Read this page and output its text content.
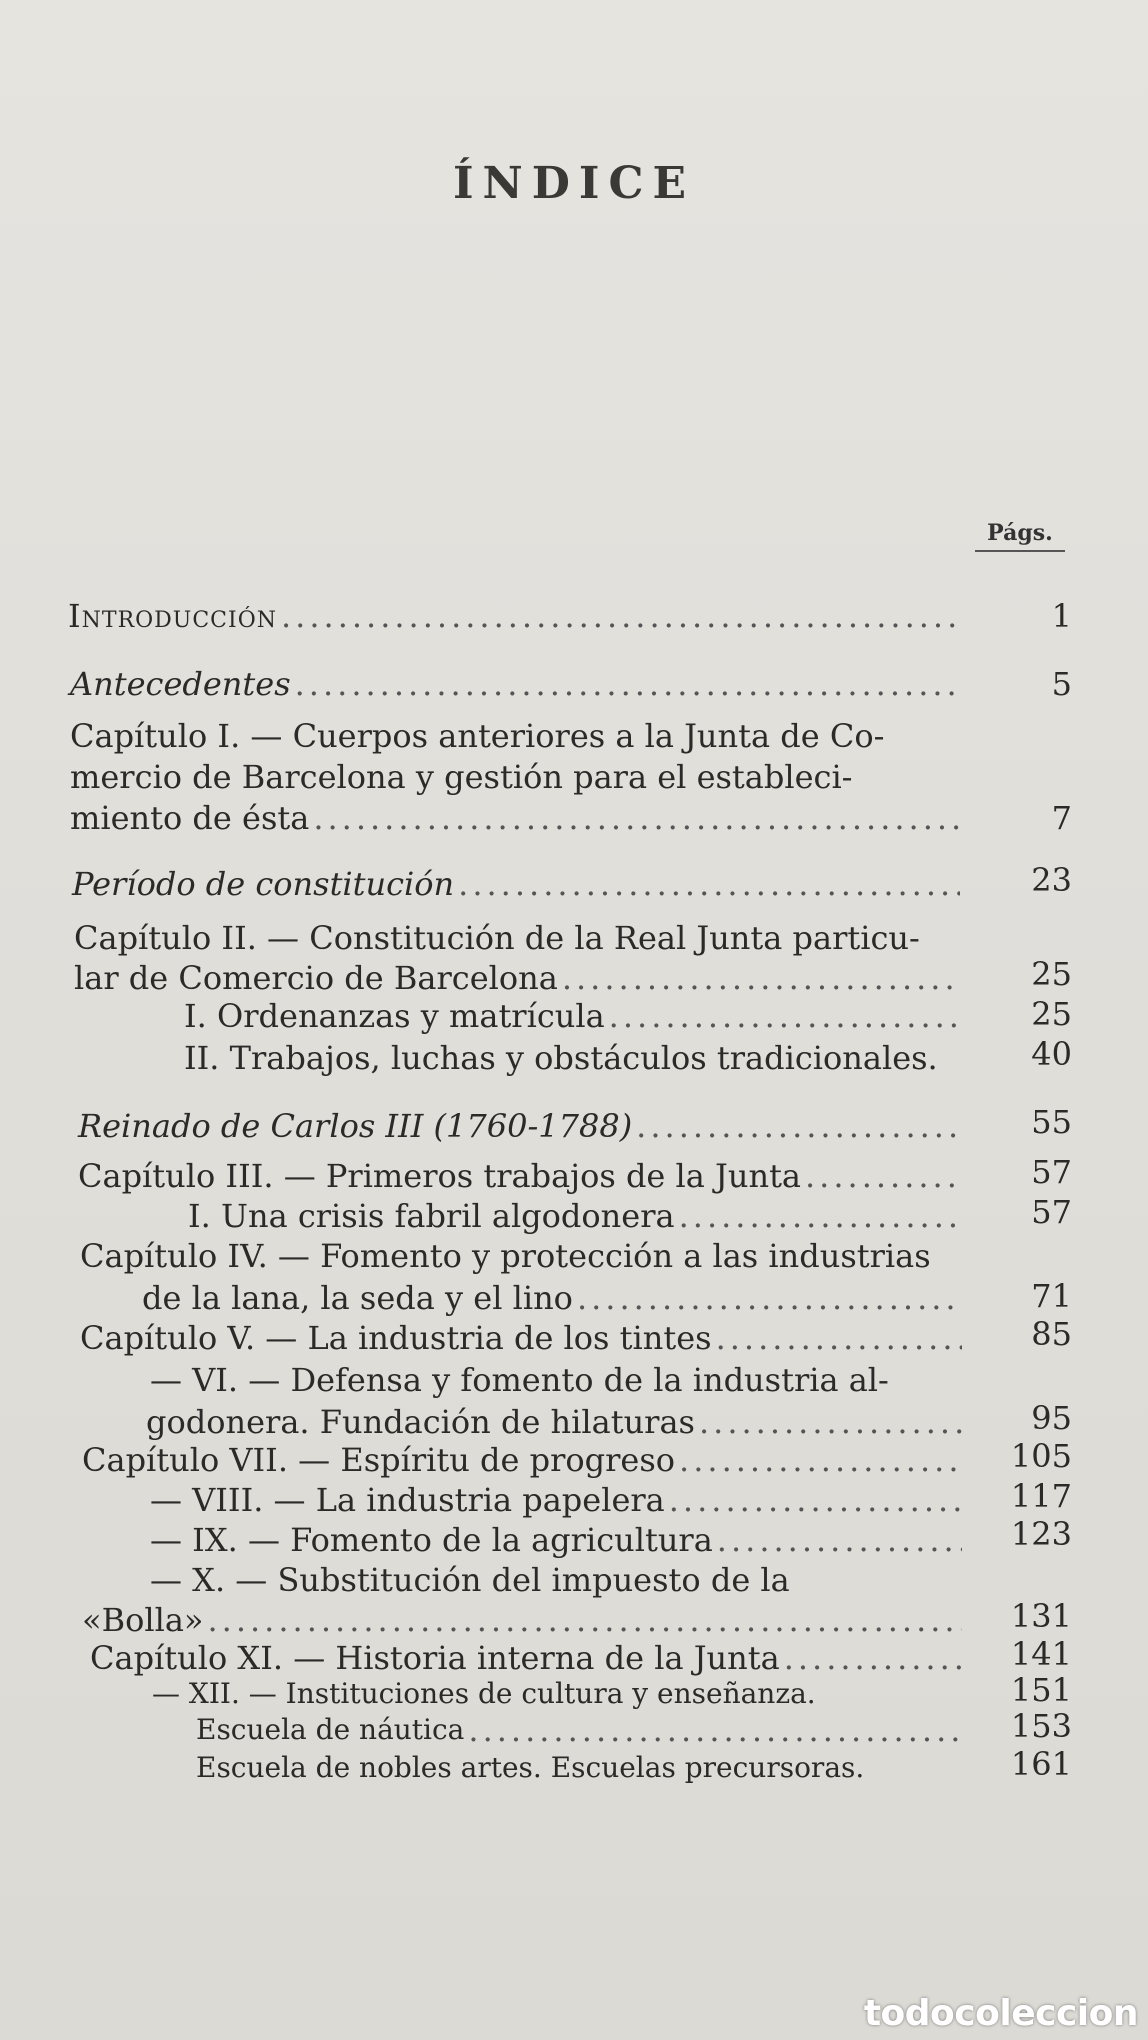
ÍNDICE
Págs.
Introducción .....	1
Antecedentes .....	5
Capítulo I. — Cuerpos anteriores a la Junta de Co-
mercio de Barcelona y gestión para el estableci-
miento de ésta .....	7
Período de constitución .....	23
Capítulo II. — Constitución de la Real Junta particu-
lar de Comercio de Barcelona .....	25
I. Ordenanzas y matrícula .....	25
II. Trabajos, luchas y obstáculos tradicionales.	40
Reinado de Carlos III (1760-1788) .....	55
Capítulo III. — Primeros trabajos de la Junta .....	57
I. Una crisis fabril algodonera .....	57
Capítulo IV. — Fomento y protección a las industrias
de la lana, la seda y el lino .....	71
Capítulo V. — La industria de los tintes .....	85
— VI. — Defensa y fomento de la industria al-
godonera. Fundación de hilaturas .....	95
Capítulo VII. — Espíritu de progreso .....	105
— VIII. — La industria papelera .....	117
— IX. — Fomento de la agricultura .....	123
— X. — Substitución del impuesto de la
«Bolla» .....	131
Capítulo XI. — Historia interna de la Junta .....	141
— XII. — Instituciones de cultura y enseñanza.	151
Escuela de náutica .....	153
Escuela de nobles artes. Escuelas precursoras.	161
todocoleccion
